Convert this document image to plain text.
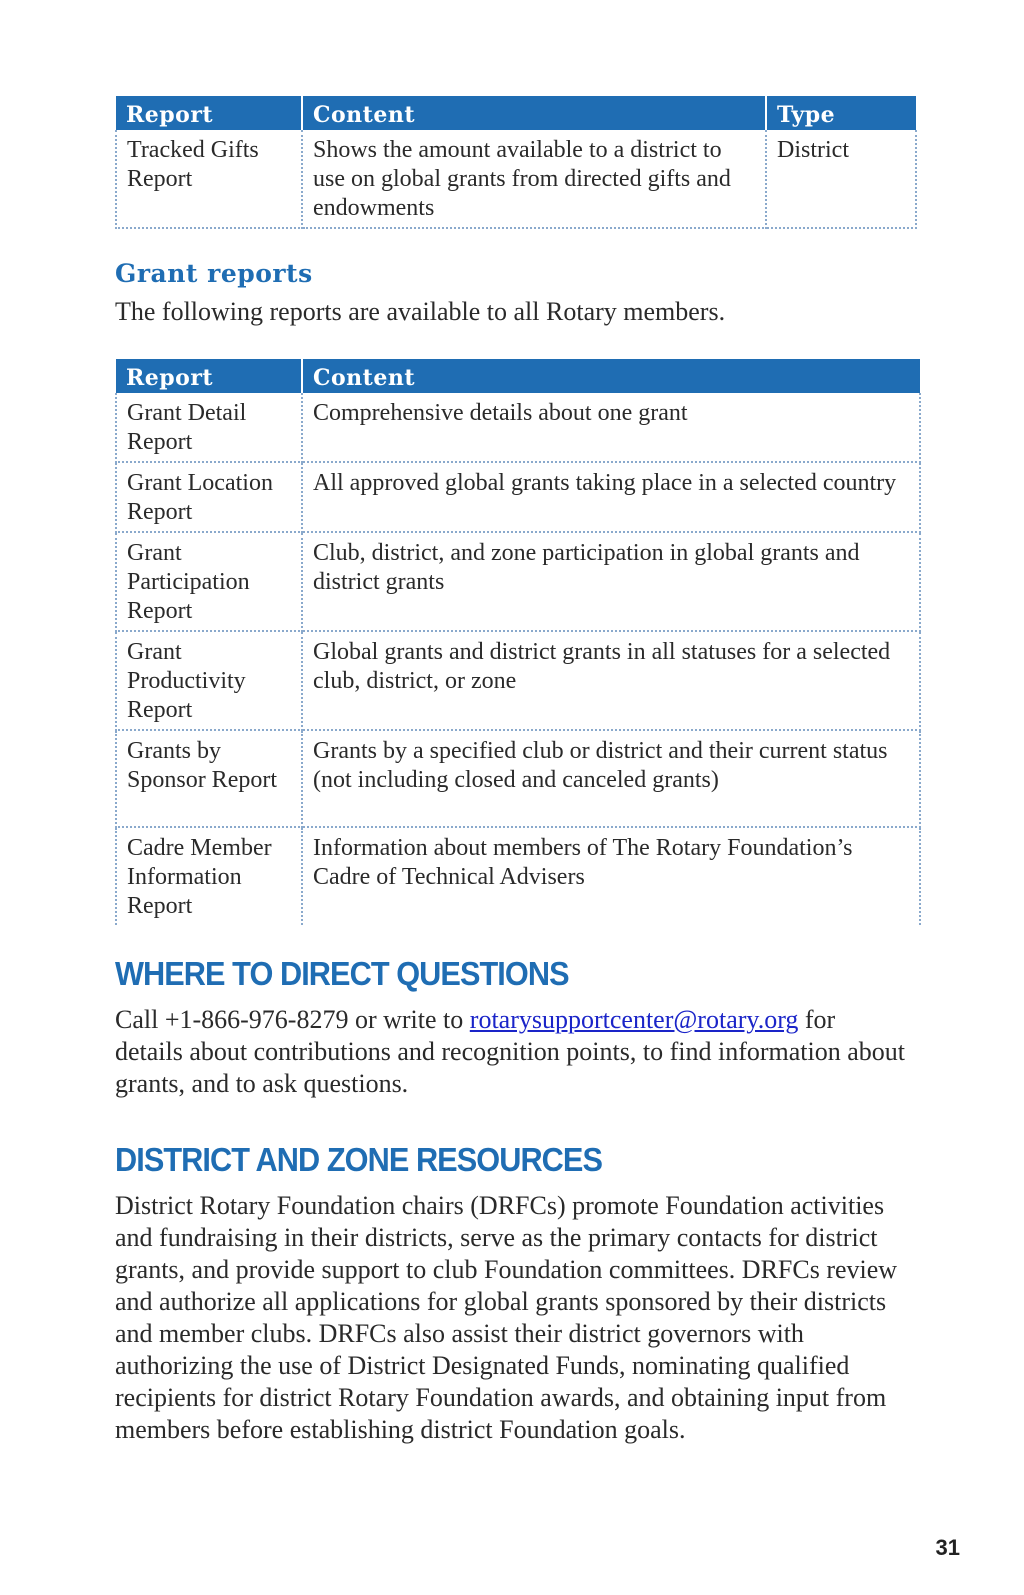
Report	Content	Type
Tracked Gifts Report	Shows the amount available to a district to use on global grants from directed gifts and endowments	District
Grant reports

The following reports are available to all Rotary members.

Report	Content
Grant Detail Report	Comprehensive details about one grant
Grant Location Report	All approved global grants taking place in a selected country
Grant Participation Report	Club, district, and zone participation in global grants and district grants
Grant Productivity Report	Global grants and district grants in all statuses for a selected club, district, or zone
Grants by Sponsor Report	Grants by a specified club or district and their current status (not including closed and canceled grants)
Cadre Member Information Report	Information about members of The Rotary Foundation’s Cadre of Technical Advisers
WHERE TO DIRECT QUESTIONS

Call +1-866-976-8279 or write to rotarysupportcenter@rotary.org for details about contributions and recognition points, to find information about grants, and to ask questions.

DISTRICT AND ZONE RESOURCES

District Rotary Foundation chairs (DRFCs) promote Foundation activities and fundraising in their districts, serve as the primary contacts for district grants, and provide support to club Foundation committees. DRFCs review and authorize all applications for global grants sponsored by their districts and member clubs. DRFCs also assist their district governors with authorizing the use of District Designated Funds, nominating qualified recipients for district Rotary Foundation awards, and obtaining input from members before establishing district Foundation goals.

31
